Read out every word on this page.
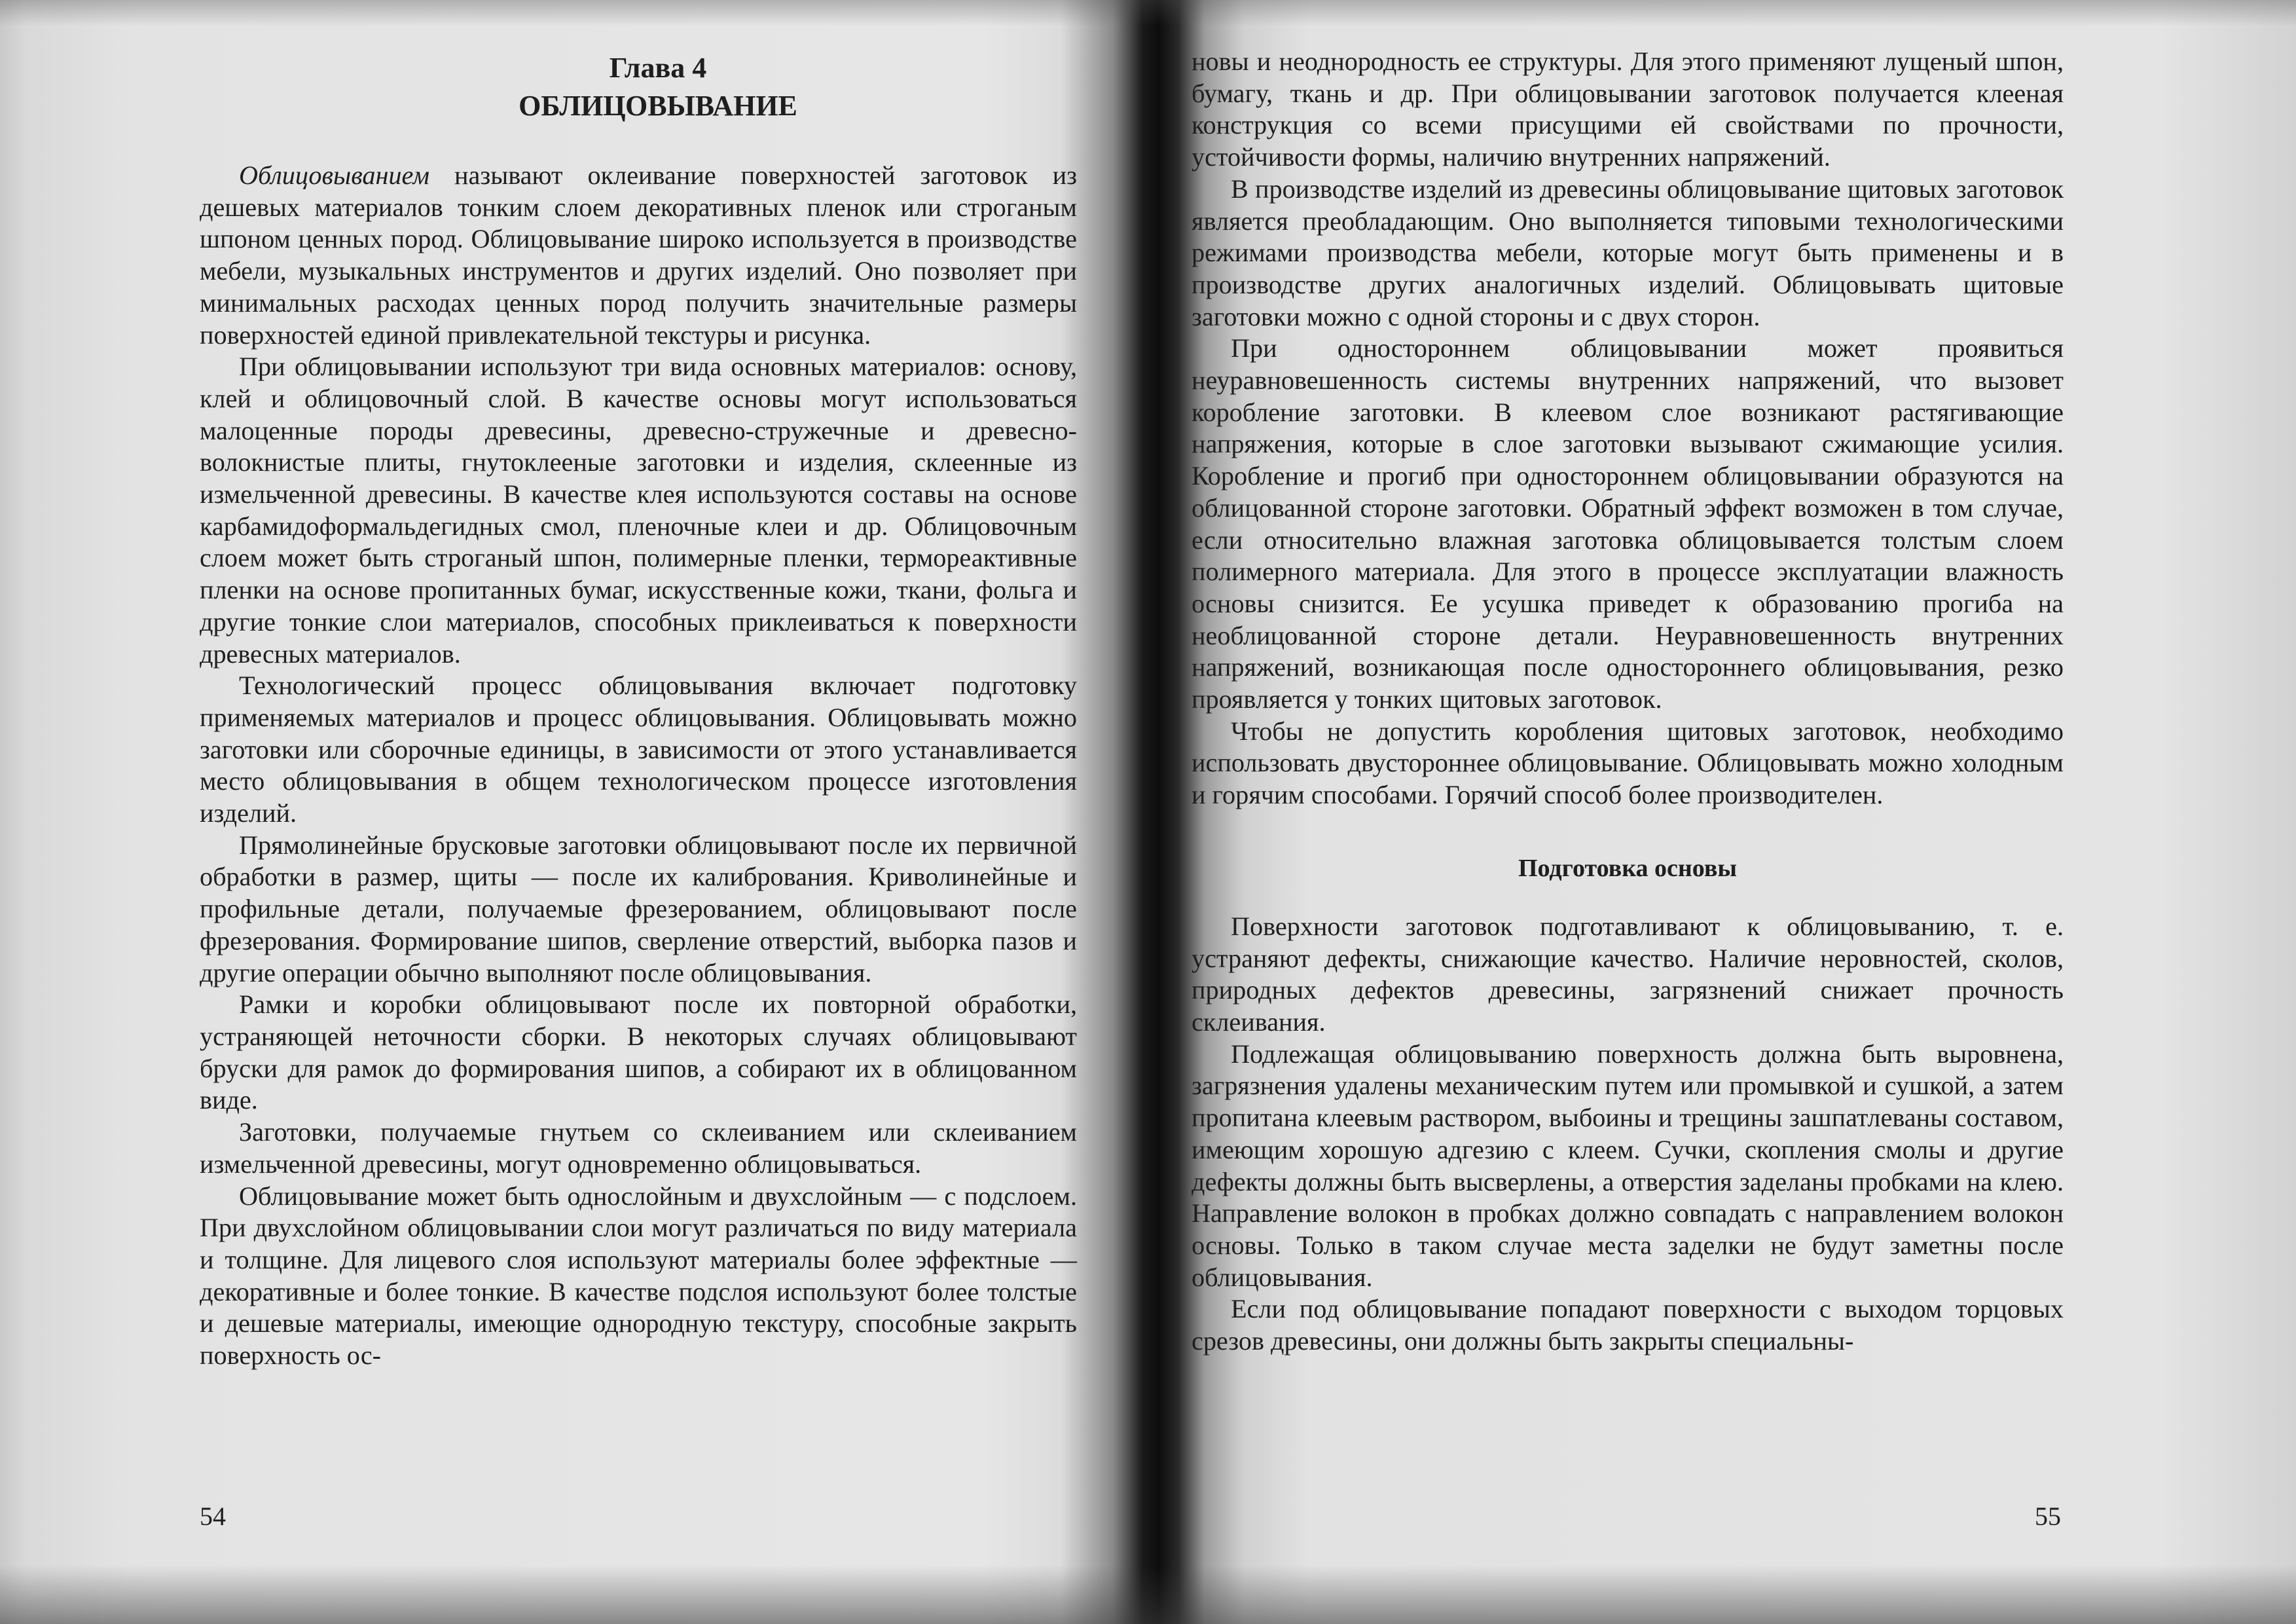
Глава 4
ОБЛИЦОВЫВАНИЕ

Облицовыванием называют оклеивание поверхностей заготовок из дешевых материалов тонким слоем декоративных пленок или строганым шпоном ценных пород. Облицовывание широко используется в производстве мебели, музыкальных инструментов и других изделий. Оно позволяет при минимальных расходах ценных пород получить значительные размеры поверхностей единой привлекательной текстуры и рисунка.

При облицовывании используют три вида основных материалов: основу, клей и облицовочный слой. В качестве основы могут использоваться малоценные породы древесины, древесно-стружечные и древесно-волокнистые плиты, гнутоклееные заготовки и изделия, склеенные из измельченной древесины. В качестве клея используются составы на основе карбамидоформальдегидных смол, пленочные клеи и др. Облицовочным слоем может быть строганый шпон, полимерные пленки, термореактивные пленки на основе пропитанных бумаг, искусственные кожи, ткани, фольга и другие тонкие слои материалов, способных приклеиваться к поверхности древесных материалов.

Технологический процесс облицовывания включает подготовку применяемых материалов и процесс облицовывания. Облицовывать можно заготовки или сборочные единицы, в зависимости от этого устанавливается место облицовывания в общем технологическом процессе изготовления изделий.

Прямолинейные брусковые заготовки облицовывают после их первичной обработки в размер, щиты — после их калибрования. Криволинейные и профильные детали, получаемые фрезерованием, облицовывают после фрезерования. Формирование шипов, сверление отверстий, выборка пазов и другие операции обычно выполняют после облицовывания.

Рамки и коробки облицовывают после их повторной обработки, устраняющей неточности сборки. В некоторых случаях облицовывают бруски для рамок до формирования шипов, а собирают их в облицованном виде.

Заготовки, получаемые гнутьем со склеиванием или склеиванием измельченной древесины, могут одновременно облицовываться.

Облицовывание может быть однослойным и двухслойным — с подслоем. При двухслойном облицовывании слои могут различаться по виду материала и толщине. Для лицевого слоя используют материалы более эффектные — декоративные и более тонкие. В качестве подслоя используют более толстые и дешевые материалы, имеющие однородную текстуру, способные закрыть поверхность ос-

54

новы и неоднородность ее структуры. Для этого применяют лущеный шпон, бумагу, ткань и др. При облицовывании заготовок получается клееная конструкция со всеми присущими ей свойствами по прочности, устойчивости формы, наличию внутренних напряжений.

В производстве изделий из древесины облицовывание щитовых заготовок является преобладающим. Оно выполняется типовыми технологическими режимами производства мебели, которые могут быть применены и в производстве других аналогичных изделий. Облицовывать щитовые заготовки можно с одной стороны и с двух сторон.

При одностороннем облицовывании может проявиться неуравновешенность системы внутренних напряжений, что вызовет коробление заготовки. В клеевом слое возникают растягивающие напряжения, которые в слое заготовки вызывают сжимающие усилия. Коробление и прогиб при одностороннем облицовывании образуются на облицованной стороне заготовки. Обратный эффект возможен в том случае, если относительно влажная заготовка облицовывается толстым слоем полимерного материала. Для этого в процессе эксплуатации влажность основы снизится. Ее усушка приведет к образованию прогиба на необлицованной стороне детали. Неуравновешенность внутренних напряжений, возникающая после одностороннего облицовывания, резко проявляется у тонких щитовых заготовок.

Чтобы не допустить коробления щитовых заготовок, необходимо использовать двустороннее облицовывание. Облицовывать можно холодным и горячим способами. Горячий способ более производителен.

Подготовка основы

Поверхности заготовок подготавливают к облицовыванию, т. е. устраняют дефекты, снижающие качество. Наличие неровностей, сколов, природных дефектов древесины, загрязнений снижает прочность склеивания.

Подлежащая облицовыванию поверхность должна быть выровнена, загрязнения удалены механическим путем или промывкой и сушкой, а затем пропитана клеевым раствором, выбоины и трещины зашпатлеваны составом, имеющим хорошую адгезию с клеем. Сучки, скопления смолы и другие дефекты должны быть высверлены, а отверстия заделаны пробками на клею. Направление волокон в пробках должно совпадать с направлением волокон основы. Только в таком случае места заделки не будут заметны после облицовывания.

Если под облицовывание попадают поверхности с выходом торцовых срезов древесины, они должны быть закрыты специальны-

55
